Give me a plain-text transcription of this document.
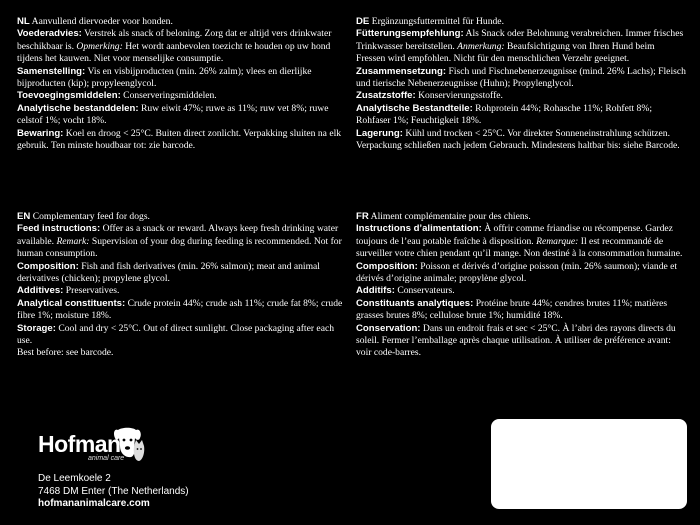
NL Aanvullend diervoeder voor honden.

Voederadvies: Verstrek als snack of beloning. Zorg dat er altijd vers drinkwater beschikbaar is. Opmerking: Het wordt aanbevolen toezicht te houden op uw hond tijdens het kauwen. Niet voor menselijke consumptie.

Samenstelling: Vis en visbijproducten (min. 26% zalm); vlees en dierlijke bijproducten (kip); propyleenglycol.

Toevoegingsmiddelen: Conserveringsmiddelen.

Analytische bestanddelen: Ruw eiwit 47%; ruwe as 11%; ruw vet 8%; ruwe celstof 1%; vocht 18%.

Bewaring: Koel en droog < 25°C. Buiten direct zonlicht. Verpakking sluiten na elk gebruik. Ten minste houdbaar tot: zie barcode.

DE Ergänzungsfuttermittel für Hunde.

Fütterungsempfehlung: Als Snack oder Belohnung verabreichen. Immer frisches Trinkwasser bereitstellen. Anmerkung: Beaufsichtigung von Ihren Hund beim Fressen wird empfohlen. Nicht für den menschlichen Verzehr geeignet.

Zusammensetzung: Fisch und Fischnebenerzeugnisse (mind. 26% Lachs); Fleisch und tierische Nebenerzeugnisse (Huhn); Propylenglycol.

Zusatzstoffe: Konservierungsstoffe.

Analytische Bestandteile: Rohprotein 44%; Rohasche 11%; Rohfett 8%; Rohfaser 1%; Feuchtigkeit 18%.

Lagerung: Kühl und trocken < 25°C. Vor direkter Sonneneinstrahlung schützen. Verpackung schließen nach jedem Gebrauch. Mindestens haltbar bis: siehe Barcode.

EN Complementary feed for dogs.

Feed instructions: Offer as a snack or reward. Always keep fresh drinking water available. Remark: Supervision of your dog during feeding is recommended. Not for human consumption.

Composition: Fish and fish derivatives (min. 26% salmon); meat and animal derivatives (chicken); propylene glycol.

Additives: Preservatives.

Analytical constituents: Crude protein 44%; crude ash 11%; crude fat 8%; crude fibre 1%; moisture 18%.

Storage: Cool and dry < 25°C. Out of direct sunlight. Close packaging after each use.

Best before: see barcode.

FR Aliment complémentaire pour des chiens.

Instructions d’alimentation: À offrir comme friandise ou récompense. Gardez toujours de l’eau potable fraîche à disposition. Remarque: Il est recommandé de surveiller votre chien pendant qu’il mange. Non destiné à la consommation humaine.

Composition: Poisson et dérivés d’origine poisson (min. 26% saumon); viande et dérivés d’origine animale; propylène glycol.

Additifs: Conservateurs.

Constituants analytiques: Protéine brute 44%; cendres brutes 11%; matières grasses brutes 8%; cellulose brute 1%; humidité 18%.

Conservation: Dans un endroit frais et sec < 25°C. À l’abri des rayons directs du soleil. Fermer l’emballage après chaque utilisation. À utiliser de préférence avant: voir code-barres.

Hofman
animal care
De Leemkoele 2
7468 DM Enter (The Netherlands)
hofmananimalcare.com
